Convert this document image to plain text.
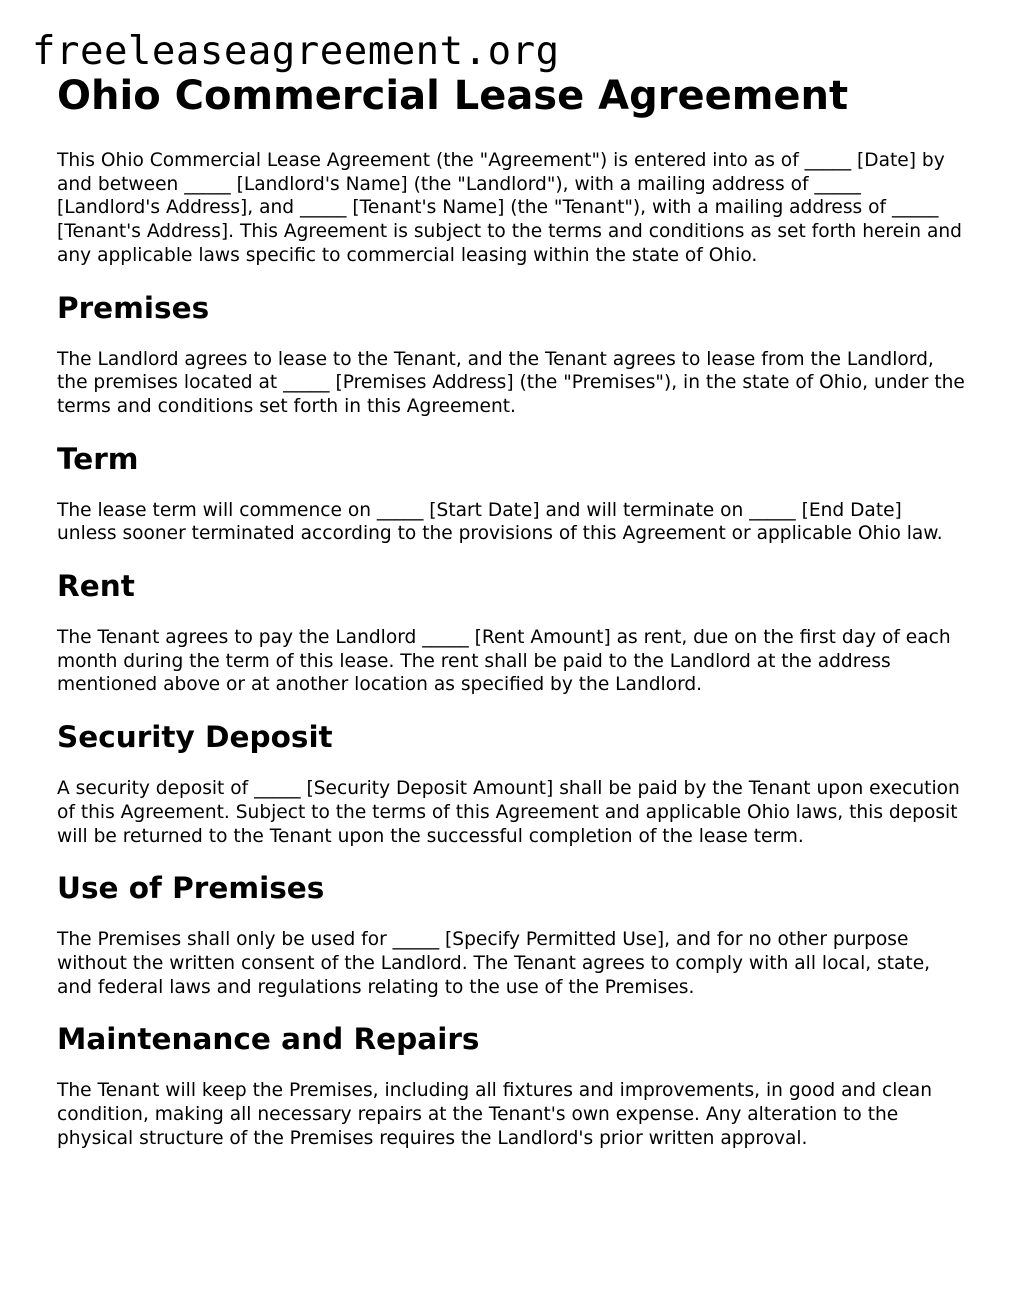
freeleaseagreement.org
Ohio Commercial Lease Agreement

This Ohio Commercial Lease Agreement (the "Agreement") is entered into as of _____ [Date] by and between _____ [Landlord's Name] (the "Landlord"), with a mailing address of _____ [Landlord's Address], and _____ [Tenant's Name] (the "Tenant"), with a mailing address of _____ [Tenant's Address]. This Agreement is subject to the terms and conditions as set forth herein and any applicable laws specific to commercial leasing within the state of Ohio.

Premises

The Landlord agrees to lease to the Tenant, and the Tenant agrees to lease from the Landlord, the premises located at _____ [Premises Address] (the "Premises"), in the state of Ohio, under the terms and conditions set forth in this Agreement.

Term

The lease term will commence on _____ [Start Date] and will terminate on _____ [End Date] unless sooner terminated according to the provisions of this Agreement or applicable Ohio law.

Rent

The Tenant agrees to pay the Landlord _____ [Rent Amount] as rent, due on the first day of each month during the term of this lease. The rent shall be paid to the Landlord at the address mentioned above or at another location as specified by the Landlord.

Security Deposit

A security deposit of _____ [Security Deposit Amount] shall be paid by the Tenant upon execution of this Agreement. Subject to the terms of this Agreement and applicable Ohio laws, this deposit will be returned to the Tenant upon the successful completion of the lease term.

Use of Premises

The Premises shall only be used for _____ [Specify Permitted Use], and for no other purpose without the written consent of the Landlord. The Tenant agrees to comply with all local, state, and federal laws and regulations relating to the use of the Premises.

Maintenance and Repairs

The Tenant will keep the Premises, including all fixtures and improvements, in good and clean condition, making all necessary repairs at the Tenant's own expense. Any alteration to the physical structure of the Premises requires the Landlord's prior written approval.
